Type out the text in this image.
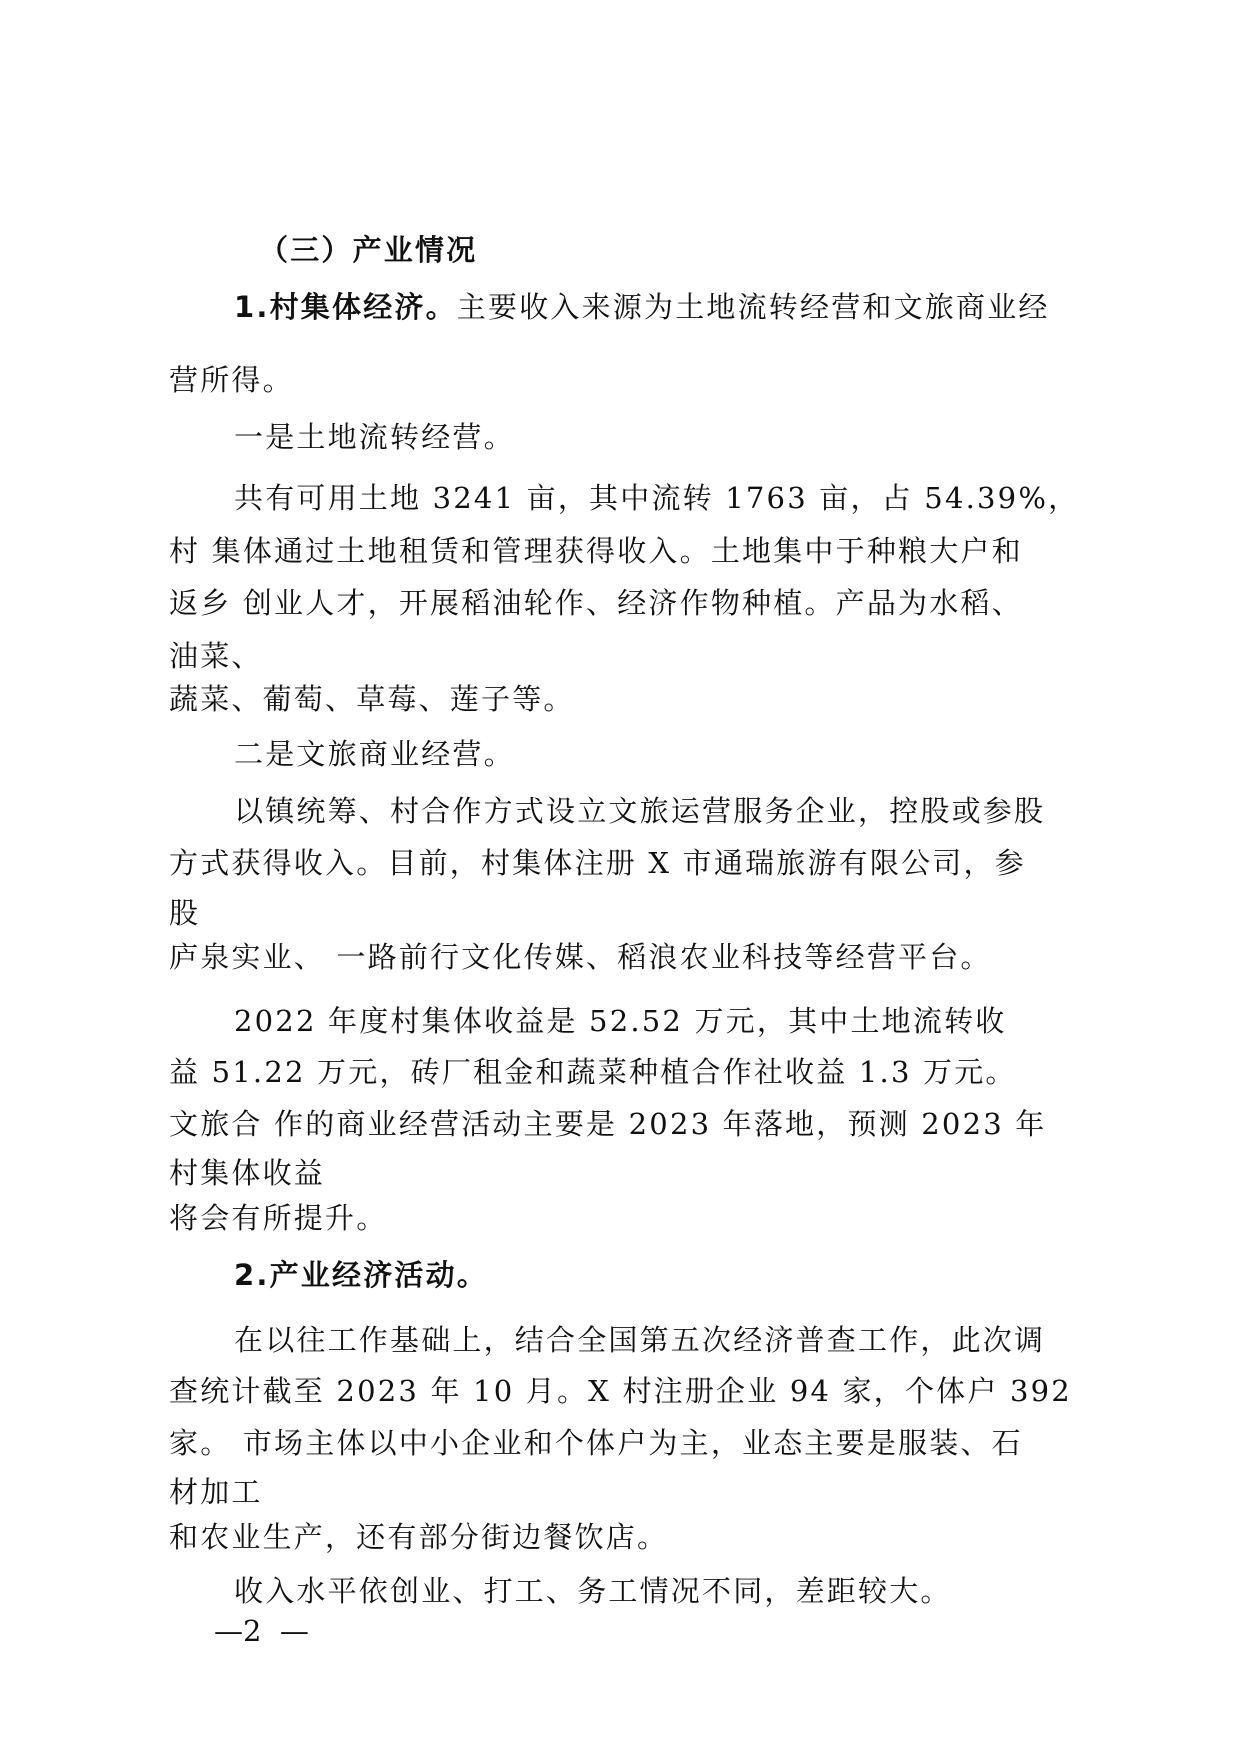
（三）产业情况
1.村集体经济。主要收入来源为土地流转经营和文旅商业经
营所得。
一是土地流转经营。
共有可用土地 3241 亩，其中流转 1763 亩，占 54.39%，
村 集体通过土地租赁和管理获得收入。土地集中于种粮大户和
返乡 创业人才，开展稻油轮作、经济作物种植。产品为水稻、
油菜、
蔬菜、葡萄、草莓、莲子等。
二是文旅商业经营。
以镇统筹、村合作方式设立文旅运营服务企业，控股或参股
方式获得收入。目前，村集体注册 X 市通瑞旅游有限公司，参
股
庐泉实业、 一路前行文化传媒、稻浪农业科技等经营平台。
2022 年度村集体收益是 52.52 万元，其中土地流转收
益 51.22 万元，砖厂租金和蔬菜种植合作社收益 1.3 万元。
文旅合 作的商业经营活动主要是 2023 年落地，预测 2023 年
村集体收益
将会有所提升。
2.产业经济活动。
在以往工作基础上，结合全国第五次经济普查工作，此次调
查统计截至 2023 年 10 月。X 村注册企业 94 家，个体户 392
家。 市场主体以中小企业和个体户为主，业态主要是服装、石
材加工
和农业生产，还有部分街边餐饮店。
收入水平依创业、打工、务工情况不同，差距较大。
—2  —
